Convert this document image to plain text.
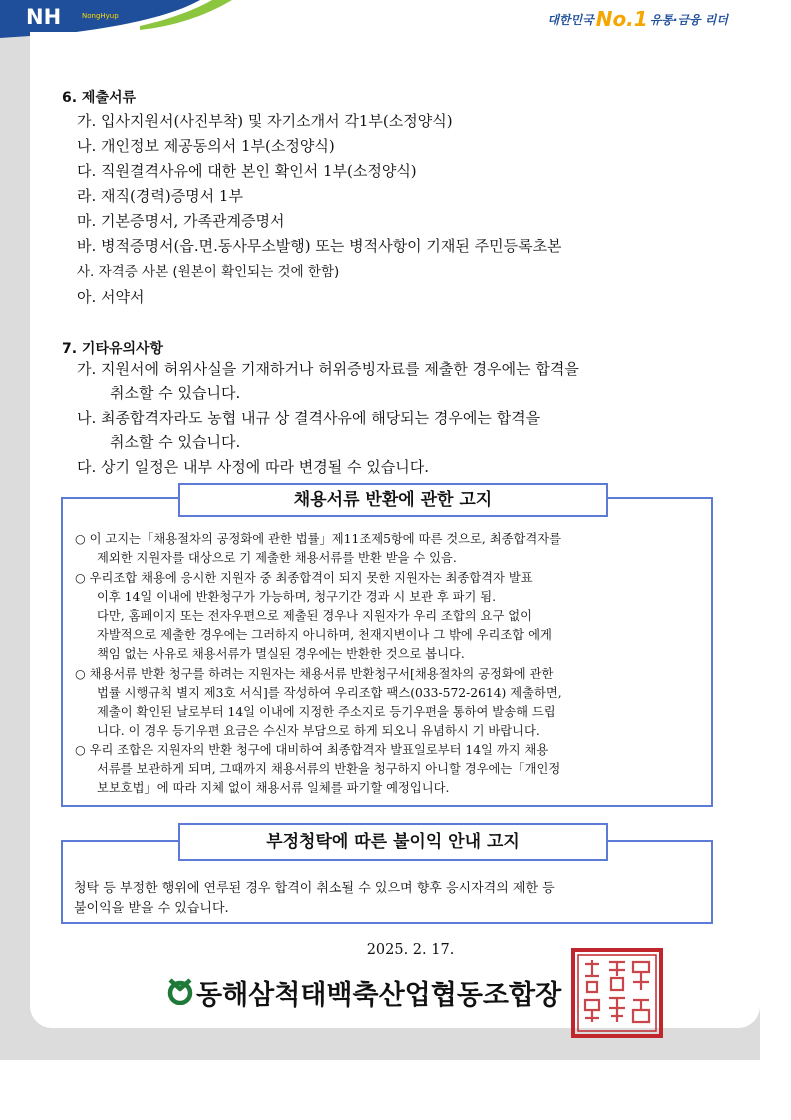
NH	NongHyup	대한민국 No.1 유통·금융 리더
6. 제출서류
가. 입사지원서(사진부착) 및 자기소개서 각1부(소정양식)
나. 개인정보 제공동의서 1부(소정양식)
다. 직원결격사유에 대한 본인 확인서 1부(소정양식)
라. 재직(경력)증명서 1부
마. 기본증명서, 가족관계증명서
바. 병적증명서(읍.면.동사무소발행) 또는 병적사항이 기재된 주민등록초본
사. 자격증 사본 (원본이 확인되는 것에 한함)
아. 서약서
7. 기타유의사항
가. 지원서에 허위사실을 기재하거나 허위증빙자료를 제출한 경우에는 합격을
취소할 수 있습니다.
나. 최종합격자라도 농협 내규 상 결격사유에 해당되는 경우에는 합격을
취소할 수 있습니다.
다. 상기 일정은 내부 사정에 따라 변경될 수 있습니다.
채용서류 반환에 관한 고지
○ 이 고지는「채용절차의 공정화에 관한 법률」제11조제5항에 따른 것으로, 최종합격자를
제외한 지원자를 대상으로 기 제출한 채용서류를 반환 받을 수 있음.
○ 우리조합 채용에 응시한 지원자 중 최종합격이 되지 못한 지원자는 최종합격자 발표
이후 14일 이내에 반환청구가 가능하며, 청구기간 경과 시 보관 후 파기 됨.
다만, 홈페이지 또는 전자우편으로 제출된 경우나 지원자가 우리 조합의 요구 없이
자발적으로 제출한 경우에는 그러하지 아니하며, 천재지변이나 그 밖에 우리조합 에게
책임 없는 사유로 채용서류가 멸실된 경우에는 반환한 것으로 봅니다.
○ 채용서류 반환 청구를 하려는 지원자는 채용서류 반환청구서[채용절차의 공정화에 관한
법률 시행규칙 별지 제3호 서식]를 작성하여 우리조합 팩스(033-572-2614) 제출하면,
제출이 확인된 날로부터 14일 이내에 지정한 주소지로 등기우편을 통하여 발송해 드립
니다. 이 경우 등기우편 요금은 수신자 부담으로 하게 되오니 유념하시 기 바랍니다.
○ 우리 조합은 지원자의 반환 청구에 대비하여 최종합격자 발표일로부터 14일 까지 채용
서류를 보관하게 되며, 그때까지 채용서류의 반환을 청구하지 아니할 경우에는「개인정
보보호법」에 따라 지체 없이 채용서류 일체를 파기할 예정입니다.
부정청탁에 따른 불이익 안내 고지
청탁 등 부정한 행위에 연루된 경우 합격이 취소될 수 있으며 향후 응시자격의 제한 등
불이익을 받을 수 있습니다.
2025. 2. 17.
동해삼척태백축산업협동조합장
